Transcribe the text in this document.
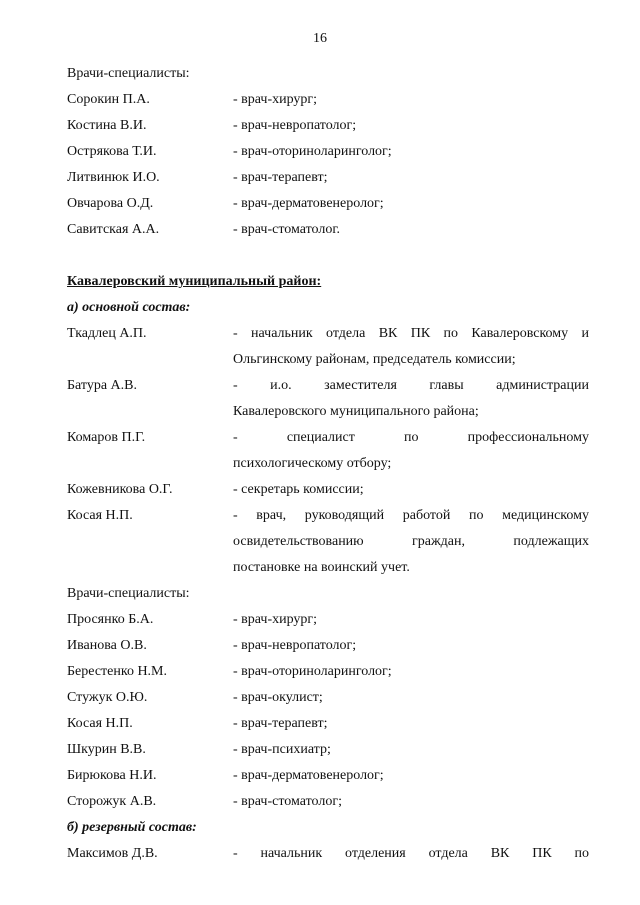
16
Врачи-специалисты:
Сорокин П.А.	- врач-хирург;
Костина В.И.	- врач-невропатолог;
Острякова Т.И.	- врач-оториноларинголог;
Литвинюк И.О.	- врач-терапевт;
Овчарова О.Д.	- врач-дерматовенеролог;
Савитская А.А.	- врач-стоматолог.
Кавалеровский муниципальный район:
а) основной состав:
Ткадлец А.П.	- начальник отдела ВК ПК по Кавалеровскому и
Ольгинскому районам, председатель комиссии;
Батура А.В.	- и.о. заместителя главы администрации
Кавалеровского муниципального района;
Комаров П.Г.	- специалист по профессиональному
психологическому отбору;
Кожевникова О.Г.	- секретарь комиссии;
Косая Н.П.	- врач, руководящий работой по медицинскому
освидетельствованию граждан, подлежащих
постановке на воинский учет.
Врачи-специалисты:
Просянко Б.А.	- врач-хирург;
Иванова О.В.	- врач-невропатолог;
Берестенко Н.М.	- врач-оториноларинголог;
Стужук О.Ю.	- врач-окулист;
Косая Н.П.	- врач-терапевт;
Шкурин В.В.	- врач-психиатр;
Бирюкова Н.И.	- врач-дерматовенеролог;
Сторожук А.В.	- врач-стоматолог;
б) резервный состав:
Максимов Д.В.	- начальник отделения отдела ВК ПК по
